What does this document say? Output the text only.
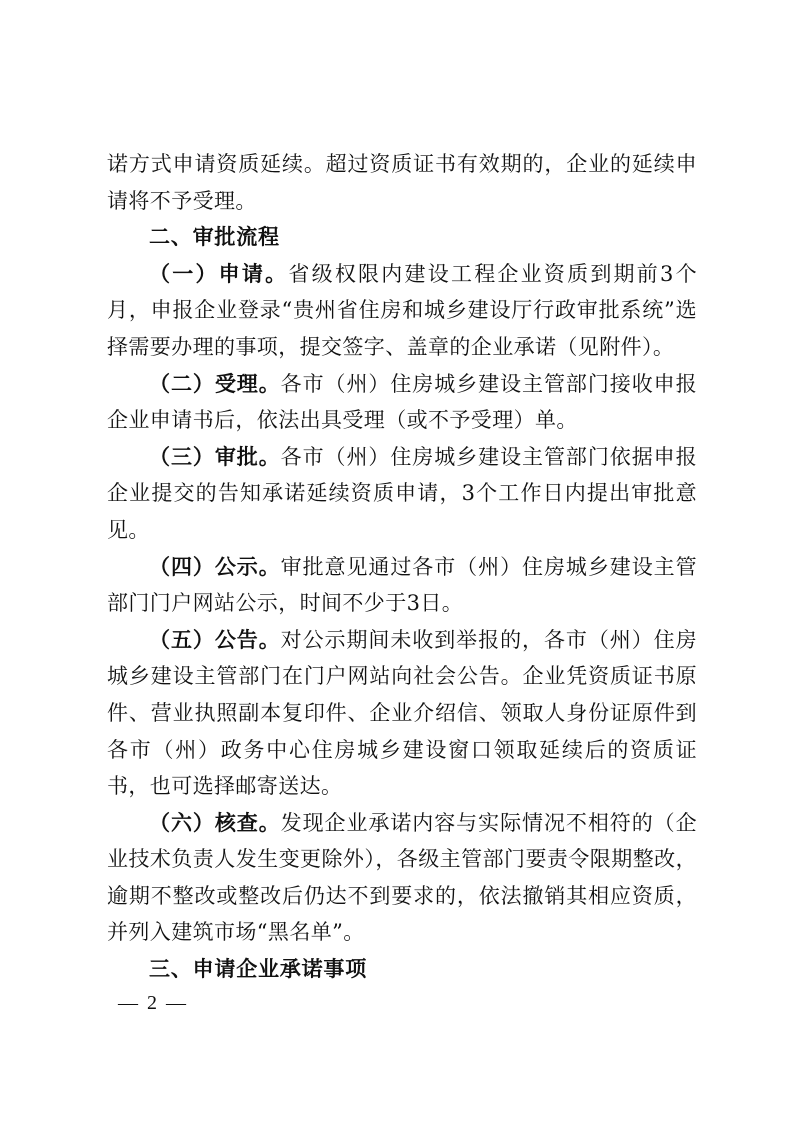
诺方式申请资质延续。超过资质证书有效期的，企业的延续申请将不予受理。

二、审批流程

（一）申请。省级权限内建设工程企业资质到期前3个月，申报企业登录“贵州省住房和城乡建设厅行政审批系统”选择需要办理的事项，提交签字、盖章的企业承诺（见附件）。

（二）受理。各市（州）住房城乡建设主管部门接收申报企业申请书后，依法出具受理（或不予受理）单。

（三）审批。各市（州）住房城乡建设主管部门依据申报企业提交的告知承诺延续资质申请，3个工作日内提出审批意见。

（四）公示。审批意见通过各市（州）住房城乡建设主管部门门户网站公示，时间不少于3日。

（五）公告。对公示期间未收到举报的，各市（州）住房城乡建设主管部门在门户网站向社会公告。企业凭资质证书原件、营业执照副本复印件、企业介绍信、领取人身份证原件到各市（州）政务中心住房城乡建设窗口领取延续后的资质证书，也可选择邮寄送达。

（六）核查。发现企业承诺内容与实际情况不相符的（企业技术负责人发生变更除外），各级主管部门要责令限期整改，逾期不整改或整改后仍达不到要求的，依法撤销其相应资质，并列入建筑市场“黑名单”。

三、申请企业承诺事项

— 2 —
